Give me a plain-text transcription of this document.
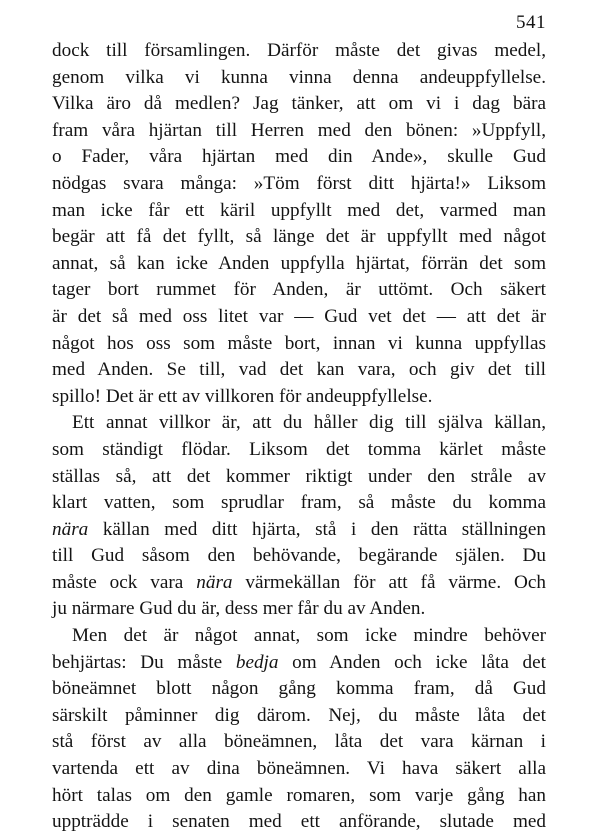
541
dock till församlingen. Därför måste det givas medel,
genom vilka vi kunna vinna denna andeuppfyllelse.
Vilka äro då medlen? Jag tänker, att om vi i dag bära
fram våra hjärtan till Herren med den bönen: »Uppfyll,
o Fader, våra hjärtan med din Ande», skulle Gud
nödgas svara många: »Töm först ditt hjärta!» Liksom
man icke får ett käril uppfyllt med det, varmed man
begär att få det fyllt, så länge det är uppfyllt med något
annat, så kan icke Anden uppfylla hjärtat, förrän det som
tager bort rummet för Anden, är uttömt. Och säkert
är det så med oss litet var — Gud vet det — att det är
något hos oss som måste bort, innan vi kunna uppfyllas
med Anden. Se till, vad det kan vara, och giv det till
spillo! Det är ett av villkoren för andeuppfyllelse.
Ett annat villkor är, att du håller dig till själva källan,
som ständigt flödar. Liksom det tomma kärlet måste
ställas så, att det kommer riktigt under den stråle av
klart vatten, som sprudlar fram, så måste du komma
nära källan med ditt hjärta, stå i den rätta ställningen
till Gud såsom den behövande, begärande själen. Du
måste ock vara nära värmekällan för att få värme. Och
ju närmare Gud du är, dess mer får du av Anden.
Men det är något annat, som icke mindre behöver
behjärtas: Du måste bedja om Anden och icke låta det
böneämnet blott någon gång komma fram, då Gud
särskilt påminner dig därom. Nej, du måste låta det
stå först av alla böneämnen, låta det vara kärnan i
vartenda ett av dina böneämnen. Vi hava säkert alla
hört talas om den gamle romaren, som varje gång han
uppträdde i senaten med ett anförande, slutade med
